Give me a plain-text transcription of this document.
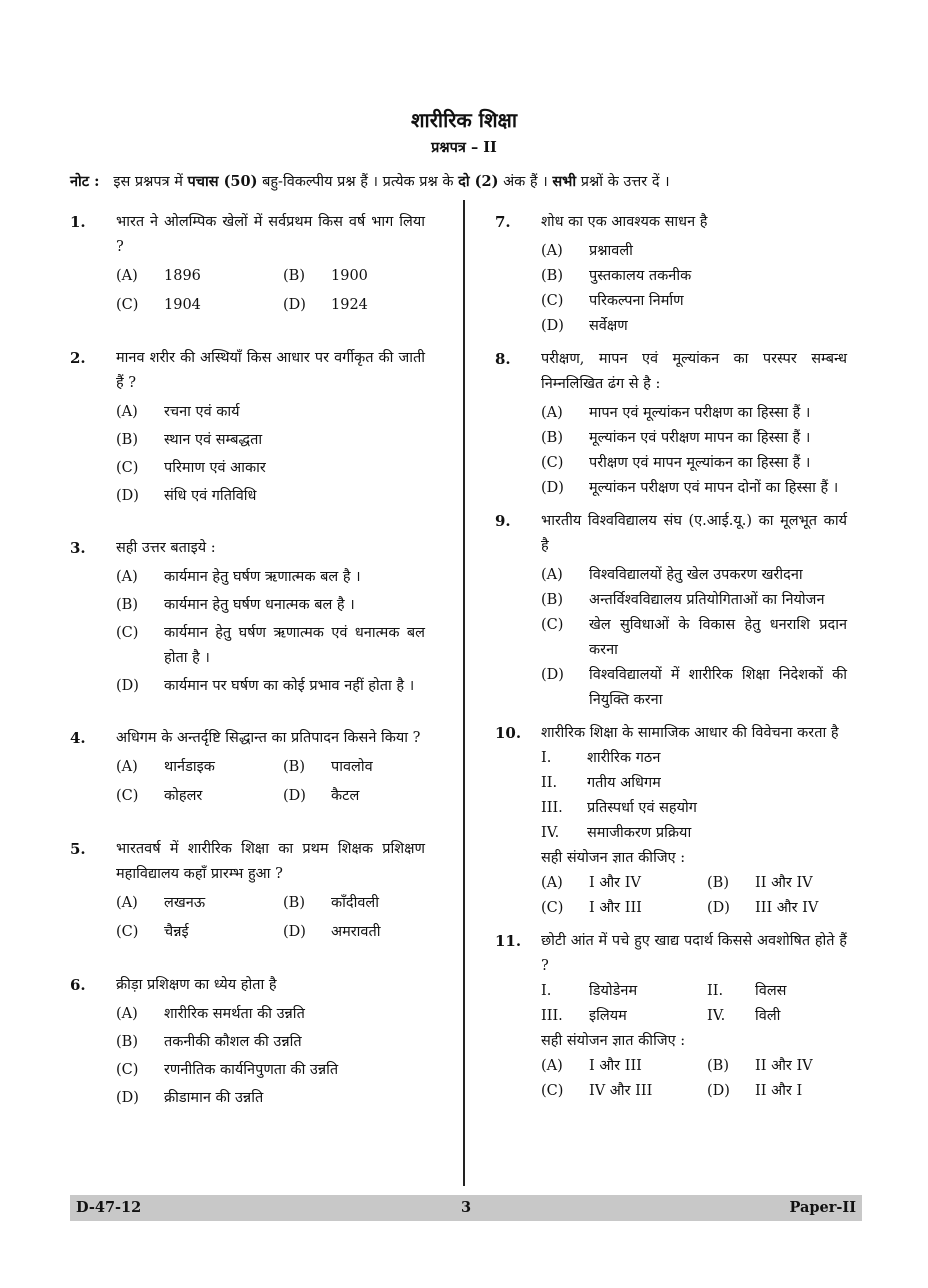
शारीरिक शिक्षा
प्रश्नपत्र – II
नोट : इस प्रश्नपत्र में पचास (50) बहु-विकल्पीय प्रश्न हैं । प्रत्येक प्रश्न के दो (2) अंक हैं । सभी प्रश्नों के उत्तर दें ।
1.	भारत ने ओलम्पिक खेलों में सर्वप्रथम किस वर्ष भाग लिया ?
(A)	1896	(B)	1900
(C)	1904	(D)	1924
2.	मानव शरीर की अस्थियाँ किस आधार पर वर्गीकृत की जाती हैं ?
(A)	रचना एवं कार्य
(B)	स्थान एवं सम्बद्धता
(C)	परिमाण एवं आकार
(D)	संधि एवं गतिविधि
3.	सही उत्तर बताइये :
(A)	कार्यमान हेतु घर्षण ऋणात्मक बल है ।
(B)	कार्यमान हेतु घर्षण धनात्मक बल है ।
(C)	कार्यमान हेतु घर्षण ऋणात्मक एवं धनात्मक बल होता है ।
(D)	कार्यमान पर घर्षण का कोई प्रभाव नहीं होता है ।
4.	अधिगम के अन्तर्दृष्टि सिद्धान्त का प्रतिपादन किसने किया ?
(A)	थार्नडाइक	(B)	पावलोव
(C)	कोहलर	(D)	कैटल
5.	भारतवर्ष में शारीरिक शिक्षा का प्रथम शिक्षक प्रशिक्षण महाविद्यालय कहाँ प्रारम्भ हुआ ?
(A)	लखनऊ	(B)	काँदीवली
(C)	चैन्नई	(D)	अमरावती
6.	क्रीड़ा प्रशिक्षण का ध्येय होता है
(A)	शारीरिक समर्थता की उन्नति
(B)	तकनीकी कौशल की उन्नति
(C)	रणनीतिक कार्यनिपुणता की उन्नति
(D)	क्रीडामान की उन्नति
7.	शोध का एक आवश्यक साधन है
(A)	प्रश्नावली
(B)	पुस्तकालय तकनीक
(C)	परिकल्पना निर्माण
(D)	सर्वेक्षण
8.	परीक्षण, मापन एवं मूल्यांकन का परस्पर सम्बन्ध निम्नलिखित ढंग से है :
(A)	मापन एवं मूल्यांकन परीक्षण का हिस्सा हैं ।
(B)	मूल्यांकन एवं परीक्षण मापन का हिस्सा हैं ।
(C)	परीक्षण एवं मापन मूल्यांकन का हिस्सा हैं ।
(D)	मूल्यांकन परीक्षण एवं मापन दोनों का हिस्सा हैं ।
9.	भारतीय विश्वविद्यालय संघ (ए.आई.यू.) का मूलभूत कार्य है
(A)	विश्वविद्यालयों हेतु खेल उपकरण खरीदना
(B)	अन्तर्विश्वविद्यालय प्रतियोगिताओं का नियोजन
(C)	खेल सुविधाओं के विकास हेतु धनराशि प्रदान करना
(D)	विश्वविद्यालयों में शारीरिक शिक्षा निदेशकों की नियुक्ति करना
10.	शारीरिक शिक्षा के सामाजिक आधार की विवेचना करता है
I.	शारीरिक गठन
II.	गतीय अधिगम
III.	प्रतिस्पर्धा एवं सहयोग
IV.	समाजीकरण प्रक्रिया
सही संयोजन ज्ञात कीजिए :
(A)	I और IV	(B)	II और IV
(C)	I और III	(D)	III और IV
11.	छोटी आंत में पचे हुए खाद्य पदार्थ किससे अवशोषित होते हैं ?
I.	डियोडेनम	II.	विलस
III.	इलियम	IV.	विली
सही संयोजन ज्ञात कीजिए :
(A)	I और III	(B)	II और IV
(C)	IV और III	(D)	II और I
D-47-12	3	Paper-II
